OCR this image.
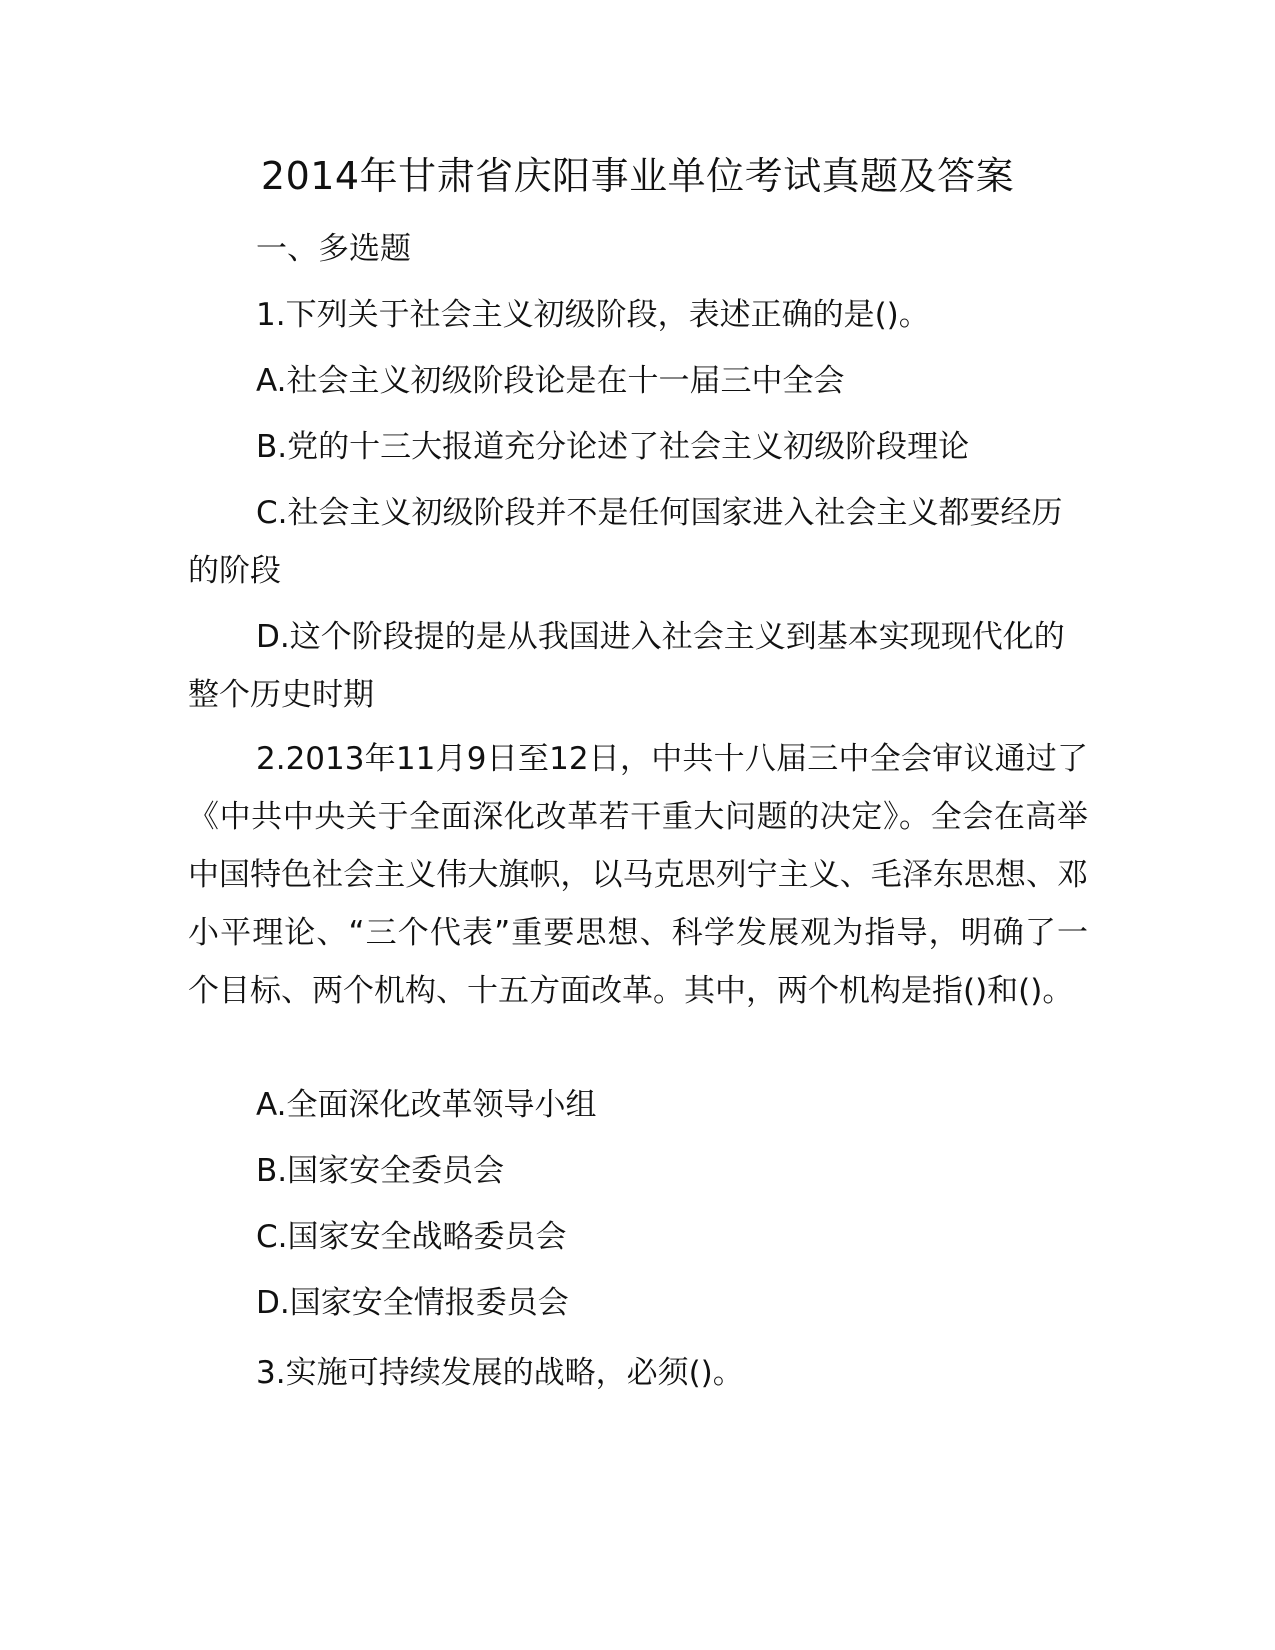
2014年甘肃省庆阳事业单位考试真题及答案

一、多选题

1.下列关于社会主义初级阶段，表述正确的是()。

A.社会主义初级阶段论是在十一届三中全会

B.党的十三大报道充分论述了社会主义初级阶段理论

C.社会主义初级阶段并不是任何国家进入社会主义都要经历的阶段

D.这个阶段提的是从我国进入社会主义到基本实现现代化的整个历史时期

2.2013年11月9日至12日，中共十八届三中全会审议通过了《中共中央关于全面深化改革若干重大问题的决定》。全会在高举中国特色社会主义伟大旗帜，以马克思列宁主义、毛泽东思想、邓小平理论、“三个代表”重要思想、科学发展观为指导，明确了一个目标、两个机构、十五方面改革。其中，两个机构是指()和()。

A.全面深化改革领导小组

B.国家安全委员会

C.国家安全战略委员会

D.国家安全情报委员会

3.实施可持续发展的战略，必须()。
